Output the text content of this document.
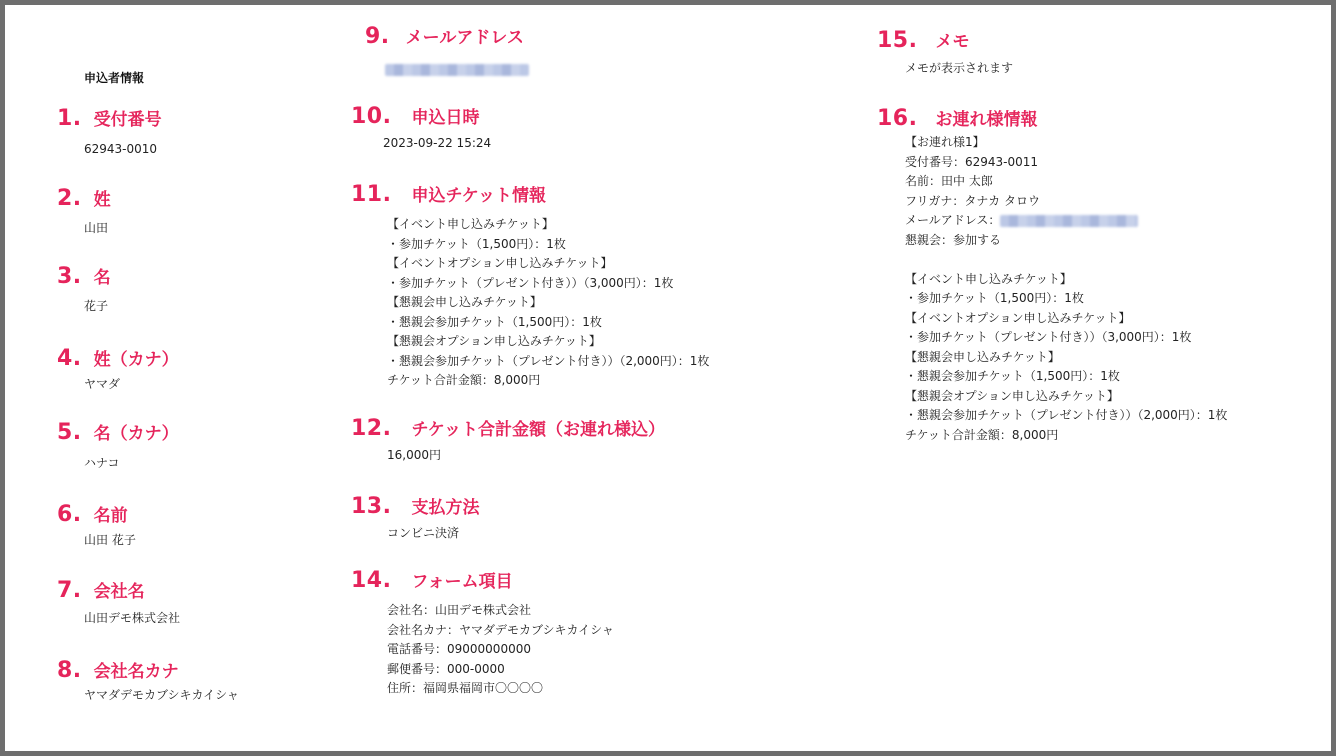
申込者情報
1. 受付番号
62943-0010
2. 姓
山田
3. 名
花子
4. 姓（カナ）
ヤマダ
5. 名（カナ）
ハナコ
6. 名前
山田 花子
7. 会社名
山田デモ株式会社
8. 会社名カナ
ヤマダデモカブシキカイシャ
9. メールアドレス
10. 申込日時
2023-09-22 15:24
11. 申込チケット情報
【イベント申し込みチケット】
・参加チケット（1,500円）：1枚
【イベントオプション申し込みチケット】
・参加チケット（プレゼント付き））（3,000円）：1枚
【懇親会申し込みチケット】
・懇親会参加チケット（1,500円）：1枚
【懇親会オプション申し込みチケット】
・懇親会参加チケット（プレゼント付き））（2,000円）：1枚
チケット合計金額：8,000円
12. チケット合計金額（お連れ様込）
16,000円
13. 支払方法
コンビニ決済
14. フォーム項目
会社名：山田デモ株式会社
会社名カナ：ヤマダデモカブシキカイシャ
電話番号：09000000000
郵便番号：000-0000
住所：福岡県福岡市〇〇〇〇
15. メモ
メモが表示されます
16. お連れ様情報
【お連れ様1】
受付番号：62943-0011
名前：田中 太郎
フリガナ：タナカ タロウ
メールアドレス：
懇親会：参加する
【イベント申し込みチケット】
・参加チケット（1,500円）：1枚
【イベントオプション申し込みチケット】
・参加チケット（プレゼント付き））（3,000円）：1枚
【懇親会申し込みチケット】
・懇親会参加チケット（1,500円）：1枚
【懇親会オプション申し込みチケット】
・懇親会参加チケット（プレゼント付き））（2,000円）：1枚
チケット合計金額：8,000円
